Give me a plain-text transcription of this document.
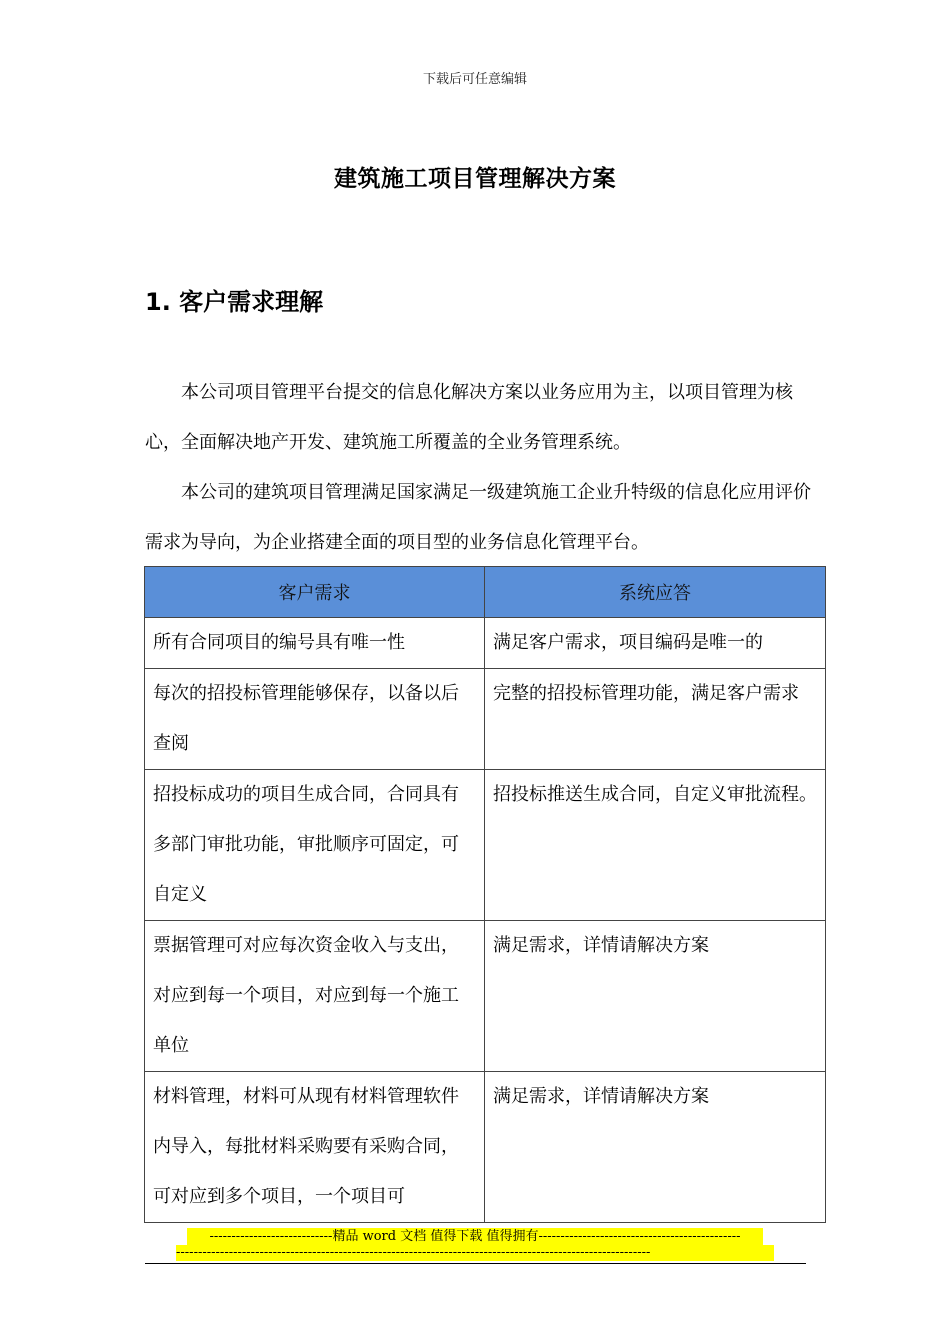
下载后可任意编辑
建筑施工项目管理解决方案
1. 客户需求理解

本公司项目管理平台提交的信息化解决方案以业务应用为主，以项目管理为核心，全面解决地产开发、建筑施工所覆盖的全业务管理系统。

本公司的建筑项目管理满足国家满足一级建筑施工企业升特级的信息化应用评价需求为导向，为企业搭建全面的项目型的业务信息化管理平台。

客户需求	系统应答
所有合同项目的编号具有唯一性	满足客户需求，项目编码是唯一的
每次的招投标管理能够保存，以备以后查阅	完整的招投标管理功能，满足客户需求
招投标成功的项目生成合同，合同具有多部门审批功能，审批顺序可固定，可自定义	招投标推送生成合同，自定义审批流程。
票据管理可对应每次资金收入与支出，对应到每一个项目，对应到每一个施工单位	满足需求，详情请解决方案
材料管理，材料可从现有材料管理软件内导入，每批材料采购要有采购合同，可对应到多个项目，一个项目可	满足需求，详情请解决方案
----------------------------精品 word 文档 值得下载 值得拥有----------------------------------------------
------------------------------------------------------------------------------------------------------------
